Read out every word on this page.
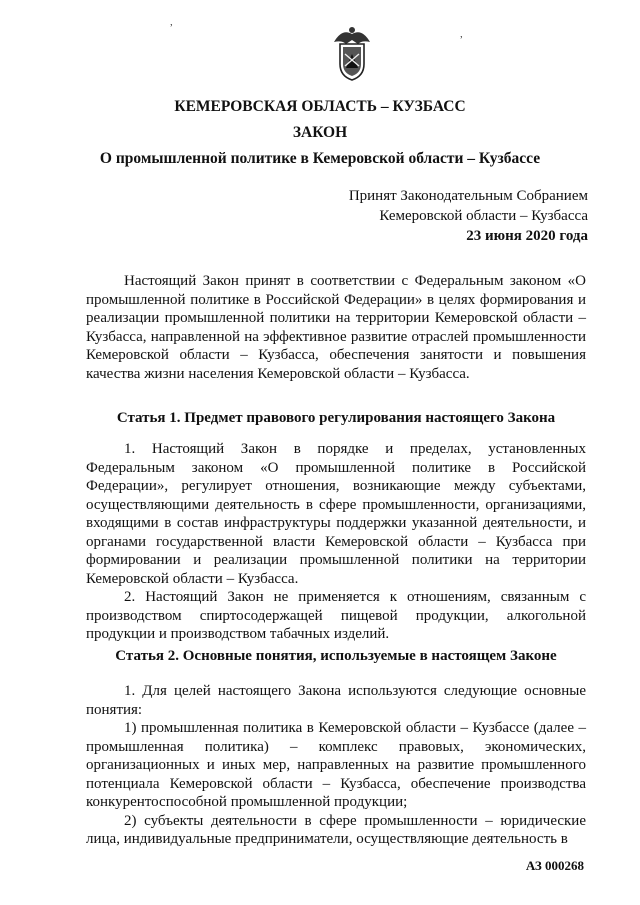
,
,
КЕМЕРОВСКАЯ ОБЛАСТЬ – КУЗБАСС
ЗАКОН
О промышленной политике в Кемеровской области – Кузбассе
Принят Законодательным Собранием
Кемеровской области – Кузбасса
23 июня 2020 года

Настоящий Закон принят в соответствии с Федеральным законом «О промышленной политике в Российской Федерации» в целях формирования и реализации промышленной политики на территории Кемеровской области – Кузбасса, направленной на эффективное развитие отраслей промышленности Кемеровской области – Кузбасса, обеспечения занятости и повышения качества жизни населения Кемеровской области – Кузбасса.

Статья 1. Предмет правового регулирования настоящего Закона

1. Настоящий Закон в порядке и пределах, установленных Федеральным законом «О промышленной политике в Российской Федерации», регулирует отношения, возникающие между субъектами, осуществляющими деятельность в сфере промышленности, организациями, входящими в состав инфраструктуры поддержки указанной деятельности, и органами государственной власти Кемеровской области – Кузбасса при формировании и реализации промышленной политики на территории Кемеровской области – Кузбасса.

2. Настоящий Закон не применяется к отношениям, связанным с производством спиртосодержащей пищевой продукции, алкогольной продукции и производством табачных изделий.

Статья 2. Основные понятия, используемые в настоящем Законе

1. Для целей настоящего Закона используются следующие основные понятия:

1) промышленная политика в Кемеровской области – Кузбассе (далее – промышленная политика) – комплекс правовых, экономических, организационных и иных мер, направленных на развитие промышленного потенциала Кемеровской области – Кузбасса, обеспечение производства конкурентоспособной промышленной продукции;

2) субъекты деятельности в сфере промышленности – юридические лица, индивидуальные предприниматели, осуществляющие деятельность в

АЗ 000268
